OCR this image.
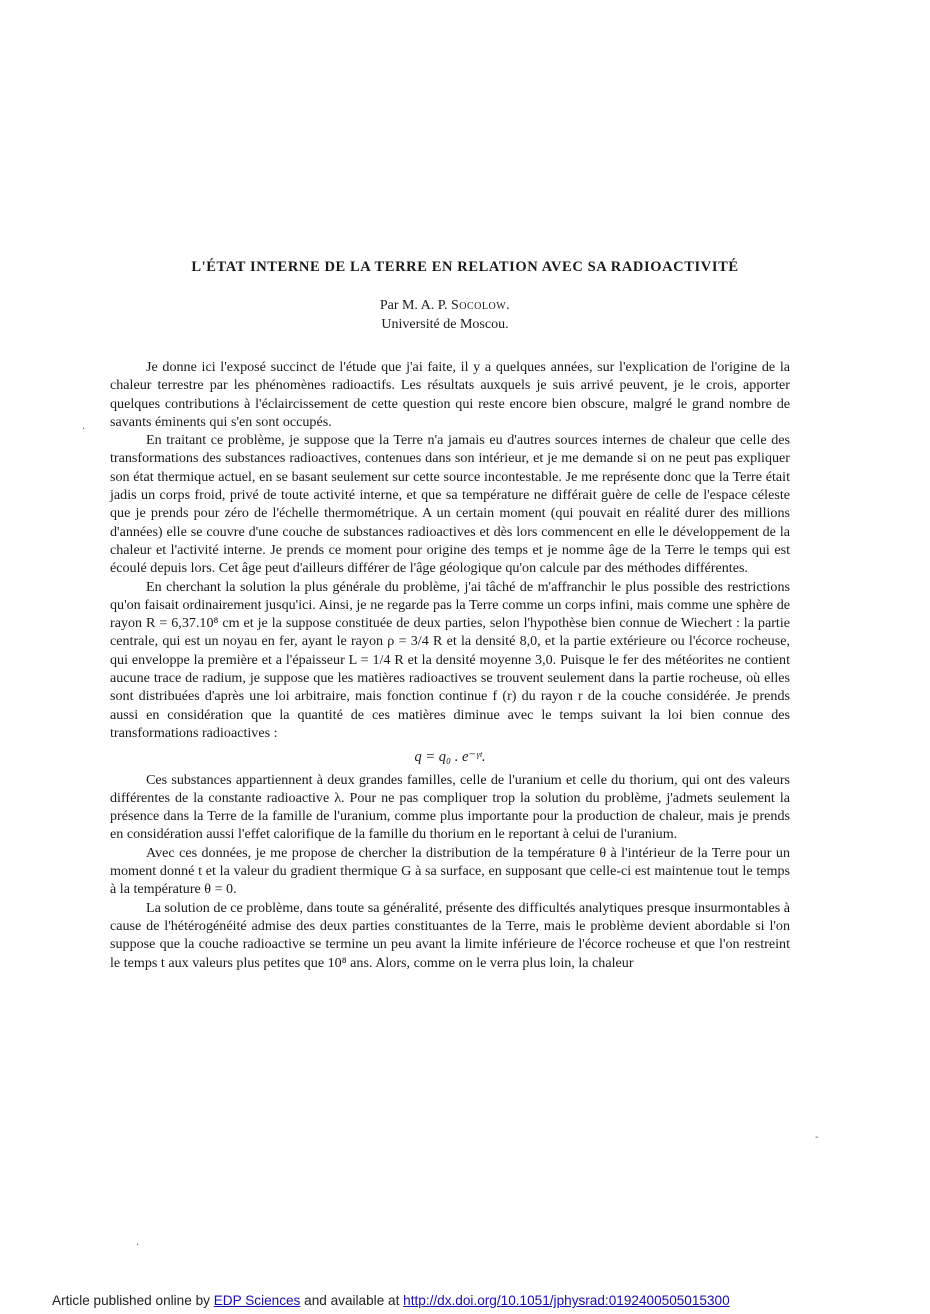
L'ÉTAT INTERNE DE LA TERRE EN RELATION AVEC SA RADIOACTIVITÉ
Par M. A. P. Socolow.
Université de Moscou.

Je donne ici l'exposé succinct de l'étude que j'ai faite, il y a quelques années, sur l'explication de l'origine de la chaleur terrestre par les phénomènes radioactifs. Les résultats auxquels je suis arrivé peuvent, je le crois, apporter quelques contributions à l'éclaircissement de cette question qui reste encore bien obscure, malgré le grand nombre de savants éminents qui s'en sont occupés.

En traitant ce problème, je suppose que la Terre n'a jamais eu d'autres sources internes de chaleur que celle des transformations des substances radioactives, contenues dans son intérieur, et je me demande si on ne peut pas expliquer son état thermique actuel, en se basant seulement sur cette source incontestable. Je me représente donc que la Terre était jadis un corps froid, privé de toute activité interne, et que sa température ne différait guère de celle de l'espace céleste que je prends pour zéro de l'échelle thermométrique. A un certain moment (qui pouvait en réalité durer des millions d'années) elle se couvre d'une couche de substances radioactives et dès lors commencent en elle le développement de la chaleur et l'activité interne. Je prends ce moment pour origine des temps et je nomme âge de la Terre le temps qui est écoulé depuis lors. Cet âge peut d'ailleurs différer de l'âge géologique qu'on calcule par des méthodes différentes.

En cherchant la solution la plus générale du problème, j'ai tâché de m'affranchir le plus possible des restrictions qu'on faisait ordinairement jusqu'ici. Ainsi, je ne regarde pas la Terre comme un corps infini, mais comme une sphère de rayon R = 6,37.10⁸ cm et je la suppose constituée de deux parties, selon l'hypothèse bien connue de Wiechert : la partie centrale, qui est un noyau en fer, ayant le rayon ρ = 3/4 R et la densité 8,0, et la partie extérieure ou l'écorce rocheuse, qui enveloppe la première et a l'épaisseur L = 1/4 R et la densité moyenne 3,0. Puisque le fer des météorites ne contient aucune trace de radium, je suppose que les matières radioactives se trouvent seulement dans la partie rocheuse, où elles sont distribuées d'après une loi arbitraire, mais fonction continue f (r) du rayon r de la couche considérée. Je prends aussi en considération que la quantité de ces matières diminue avec le temps suivant la loi bien connue des transformations radioactives :

q = q₀ . e⁻ᵞᵗ.

Ces substances appartiennent à deux grandes familles, celle de l'uranium et celle du thorium, qui ont des valeurs différentes de la constante radioactive λ. Pour ne pas compliquer trop la solution du problème, j'admets seulement la présence dans la Terre de la famille de l'uranium, comme plus importante pour la production de chaleur, mais je prends en considération aussi l'effet calorifique de la famille du thorium en le reportant à celui de l'uranium.

Avec ces données, je me propose de chercher la distribution de la température θ à l'intérieur de la Terre pour un moment donné t et la valeur du gradient thermique G à sa surface, en supposant que celle-ci est maintenue tout le temps à la température θ = 0.

La solution de ce problème, dans toute sa généralité, présente des difficultés analytiques presque insurmontables à cause de l'hétérogénéité admise des deux parties constituantes de la Terre, mais le problème devient abordable si l'on suppose que la couche radioactive se termine un peu avant la limite inférieure de l'écorce rocheuse et que l'on restreint le temps t aux valeurs plus petites que 10⁸ ans. Alors, comme on le verra plus loin, la chaleur

·
-
·
Article published online by EDP Sciences and available at http://dx.doi.org/10.1051/jphysrad:0192400505015300
